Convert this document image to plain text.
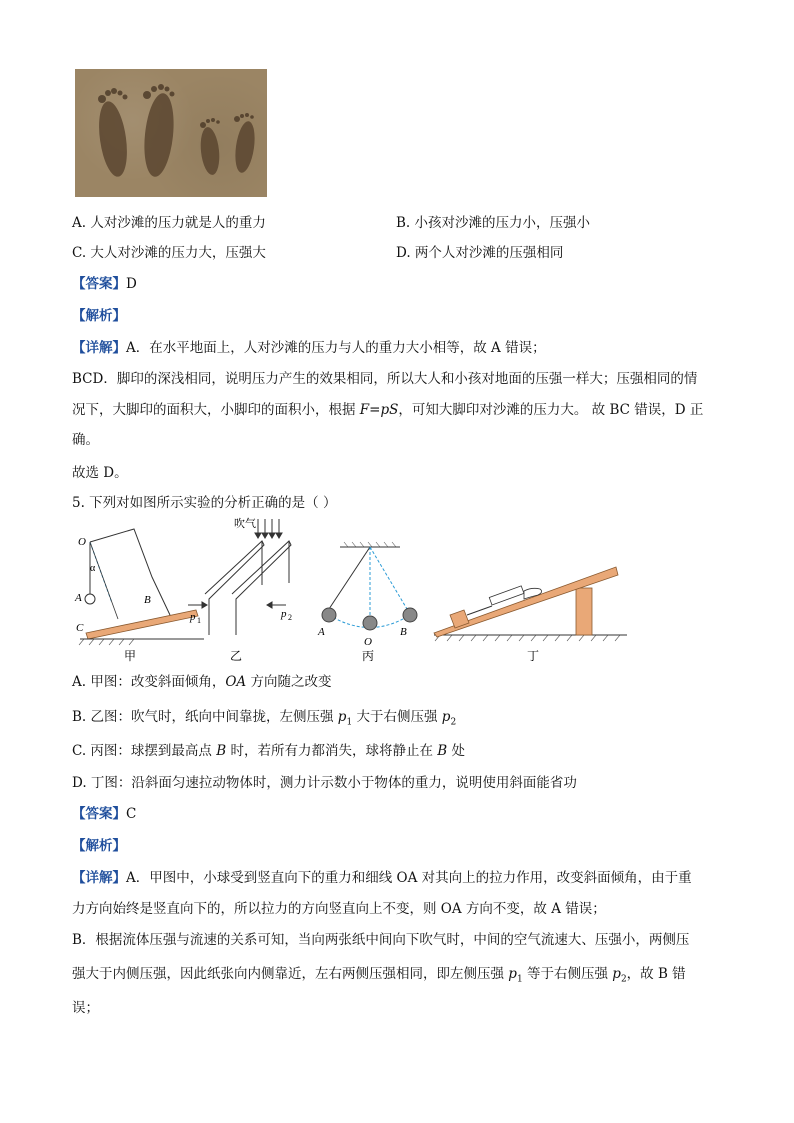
A. 人对沙滩的压力就是人的重力	B. 小孩对沙滩的压力小，压强小
C. 大人对沙滩的压力大，压强大	D. 两个人对沙滩的压强相同
【答案】D
【解析】
【详解】A．在水平地面上，人对沙滩的压力与人的重力大小相等，故 A 错误；
BCD．脚印的深浅相同，说明压力产生的效果相同，所以大人和小孩对地面的压强一样大；压强相同的情
况下，大脚印的面积大，小脚印的面积小，根据 F=pS，可知大脚印对沙滩的压力大。 故 BC 错误，D 正
确。
故选 D。
5. 下列对如图所示实验的分析正确的是（ ）
O
α
A	B
C
甲
吹气
p 1
p 2
乙
A
O
B
丙	丁
A. 甲图：改变斜面倾角，OA 方向随之改变
B. 乙图：吹气时，纸向中间靠拢，左侧压强 $p_1$ 大于右侧压强 $p_2$
C. 丙图：球摆到最高点 B 时，若所有力都消失，球将静止在 B 处
D. 丁图：沿斜面匀速拉动物体时，测力计示数小于物体的重力，说明使用斜面能省功
【答案】C
【解析】
【详解】A．甲图中，小球受到竖直向下的重力和细线 OA 对其向上的拉力作用，改变斜面倾角，由于重
力方向始终是竖直向下的，所以拉力的方向竖直向上不变，则 OA 方向不变，故 A 错误；
B．根据流体压强与流速的关系可知，当向两张纸中间向下吹气时，中间的空气流速大、压强小，两侧压
强大于内侧压强，因此纸张向内侧靠近，左右两侧压强相同，即左侧压强 $p_1$ 等于右侧压强 $p_2$，故 B 错
误；
